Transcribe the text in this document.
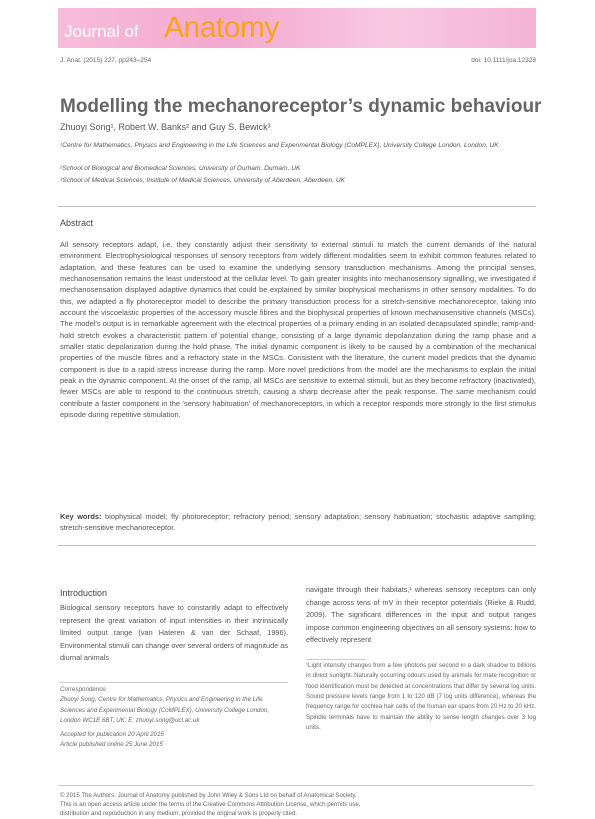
Journal of Anatomy
J. Anat. (2015) 227, pp243–254	doi: 10.1111/joa.12328
Modelling the mechanoreceptor’s dynamic behaviour
Zhuoyi Song¹, Robert W. Banks² and Guy S. Bewick³
¹Centre for Mathematics, Physics and Engineering in the Life Sciences and Experimental Biology (CoMPLEX), University College London, London, UK
²School of Biological and Biomedical Sciences, University of Durham, Durham, UK
³School of Medical Sciences, Institute of Medical Sciences, University of Aberdeen, Aberdeen, UK
Abstract

All sensory receptors adapt, i.e. they constantly adjust their sensitivity to external stimuli to match the current demands of the natural environment. Electrophysiological responses of sensory receptors from widely different modalities seem to exhibit common features related to adaptation, and these features can be used to examine the underlying sensory transduction mechanisms. Among the principal senses, mechanosensation remains the least understood at the cellular level. To gain greater insights into mechanosensory signalling, we investigated if mechanosensation displayed adaptive dynamics that could be explained by similar biophysical mechanisms in other sensory modalities. To do this, we adapted a fly photoreceptor model to describe the primary transduction process for a stretch-sensitive mechanoreceptor, taking into account the viscoelastic properties of the accessory muscle fibres and the biophysical properties of known mechanosensitive channels (MSCs). The model's output is in remarkable agreement with the electrical properties of a primary ending in an isolated decapsulated spindle; ramp-and-hold stretch evokes a characteristic pattern of potential change, consisting of a large dynamic depolarization during the ramp phase and a smaller static depolarization during the hold phase. The initial dynamic component is likely to be caused by a combination of the mechanical properties of the muscle fibres and a refractory state in the MSCs. Consistent with the literature, the current model predicts that the dynamic component is due to a rapid stress increase during the ramp. More novel predictions from the model are the mechanisms to explain the initial peak in the dynamic component. At the onset of the ramp, all MSCs are sensitive to external stimuli, but as they become refractory (inactivated), fewer MSCs are able to respond to the continuous stretch, causing a sharp decrease after the peak response. The same mechanism could contribute a faster component in the ‘sensory habituation’ of mechanoreceptors, in which a receptor responds more strongly to the first stimulus episode during repetitive stimulation.

Key words: biophysical model; fly photoreceptor; refractory period; sensory adaptation; sensory habituation; stochastic adaptive sampling; stretch-sensitive mechanoreceptor.
Introduction
Biological sensory receptors have to constantly adapt to effectively represent the great variation of input intensities in their intrinsically limited output range (van Hateren & van der Schaaf, 1996). Environmental stimuli can change over several orders of magnitude as diurnal animals
navigate through their habitats,¹ whereas sensory receptors can only change across tens of mV in their receptor potentials (Rieke & Rudd, 2009). The significant differences in the input and output ranges impose common engineering objectives on all sensory systems: how to effectively represent
¹Light intensity changes from a few photons per second in a dark shadow to billions in direct sunlight. Naturally occurring odours used by animals for mate recognition or food identification must be detected at concentrations that differ by several log units. Sound pressure levels range from 1 to 120 dB (7 log units difference), whereas the frequency range for cochlea hair cells of the human ear spans from 20 Hz to 20 kHz. Spindle terminals have to maintain the ability to sense length changes over 3 log units.
Correspondence
Zhuoyi Song, Centre for Mathematics, Physics and Engineering in the Life Sciences and Experimental Biology (CoMPLEX), University College London, London WC1E 6BT, UK. E: zhuoyi.song@ucl.ac.uk
Accepted for publication 20 April 2015
Article published online 25 June 2015
© 2015 The Authors. Journal of Anatomy published by John Wiley & Sons Ltd on behalf of Anatomical Society.
This is an open access article under the terms of the Creative Commons Attribution License, which permits use,
distribution and reproduction in any medium, provided the original work is properly cited.
